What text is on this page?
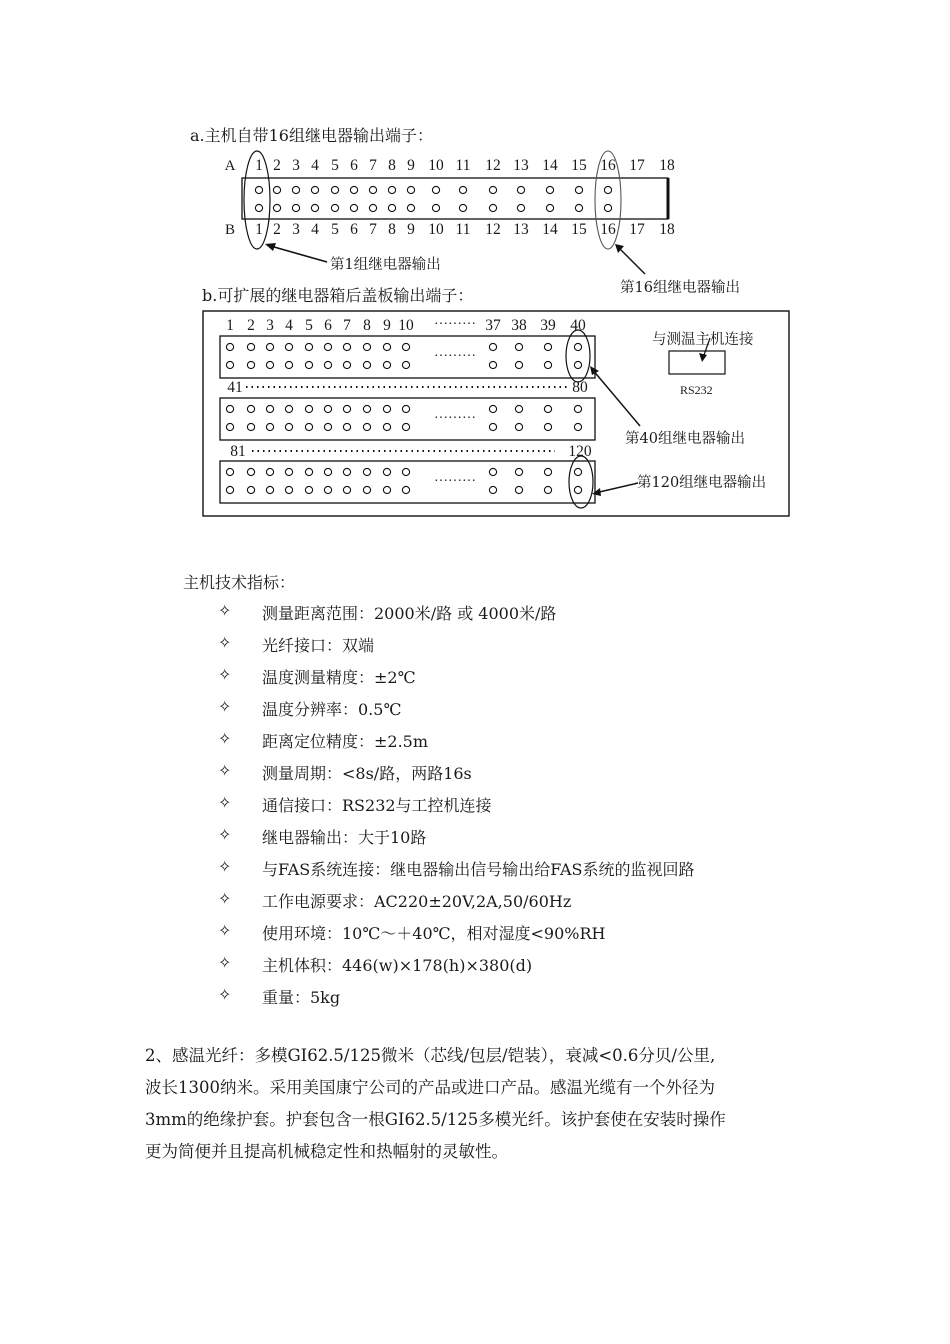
a.主机自带16组继电器输出端子：
A
B
1
1
2
2
3
3
4
4
5
5
6
6
7
7
8
8
9
9
10
10
11
11
12
12
13
13
14
14
15
15
16
16
17
17
18
18
第1组继电器输出
第16组继电器输出
b.可扩展的继电器箱后盖板输出端子：
1 2 3 4 5 6 7 8 9 10 ········· 37 38 39 40
·········
·········
·········
41	80
81	120
与测温主机连接
RS232
第40组继电器输出
第120组继电器输出
主机技术指标：
✧ 测量距离范围：2000米/路 或 4000米/路
✧ 光纤接口：双端
✧ 温度测量精度：±2℃
✧ 温度分辨率：0.5℃
✧ 距离定位精度：±2.5m
✧ 测量周期：<8s/路，两路16s
✧ 通信接口：RS232与工控机连接
✧ 继电器输出：大于10路
✧ 与FAS系统连接：继电器输出信号输出给FAS系统的监视回路
✧ 工作电源要求：AC220±20V,2A,50/60Hz
✧ 使用环境：10℃～＋40℃，相对湿度<90%RH
✧ 主机体积：446(w)×178(h)×380(d)
✧ 重量：5kg
2、感温光纤：多模GI62.5/125微米（芯线/包层/铠装），衰减<0.6分贝/公里,
波长1300纳米。采用美国康宁公司的产品或进口产品。感温光缆有一个外径为
3mm的绝缘护套。护套包含一根GI62.5/125多模光纤。该护套使在安装时操作
更为简便并且提高机械稳定性和热幅射的灵敏性。
